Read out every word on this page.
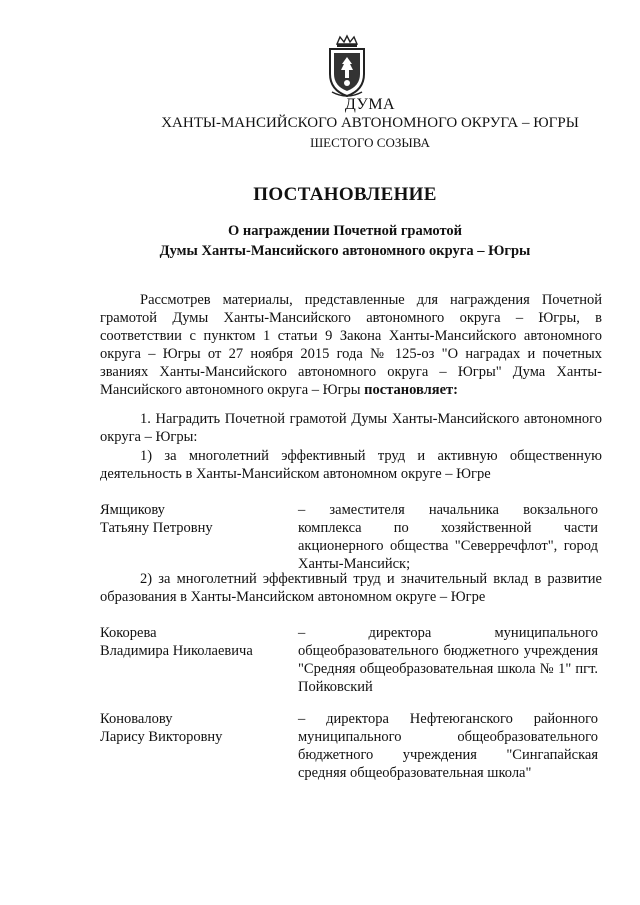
ДУМА
ХАНТЫ-МАНСИЙСКОГО АВТОНОМНОГО ОКРУГА – ЮГРЫ
ШЕСТОГО СОЗЫВА
ПОСТАНОВЛЕНИЕ
О награждении Почетной грамотой
Думы Ханты-Мансийского автономного округа – Югры
Рассмотрев материалы, представленные для награждения Почетной грамотой Думы Ханты-Мансийского автономного округа – Югры, в соответствии с пунктом 1 статьи 9 Закона Ханты-Мансийского автономного округа – Югры от 27 ноября 2015 года № 125-оз "О наградах и почетных званиях Ханты-Мансийского автономного округа – Югры" Дума Ханты-Мансийского автономного округа – Югры постановляет:
1. Наградить Почетной грамотой Думы Ханты-Мансийского автономного округа – Югры:
1) за многолетний эффективный труд и активную общественную деятельность в Ханты-Мансийском автономном округе – Югре
Ямщикову
Татьяну Петровну
– заместителя начальника вокзального комплекса по хозяйственной части акционерного общества "Северречфлот", город Ханты-Мансийск;
2) за многолетний эффективный труд и значительный вклад в развитие образования в Ханты-Мансийском автономном округе – Югре
Кокорева
Владимира Николаевича
– директора муниципального общеобразовательного бюджетного учреждения "Средняя общеобразовательная школа № 1" пгт. Пойковский
Коновалову
Ларису Викторовну
– директора Нефтеюганского районного муниципального общеобразовательного бюджетного учреждения "Сингапайская средняя общеобразовательная школа"
